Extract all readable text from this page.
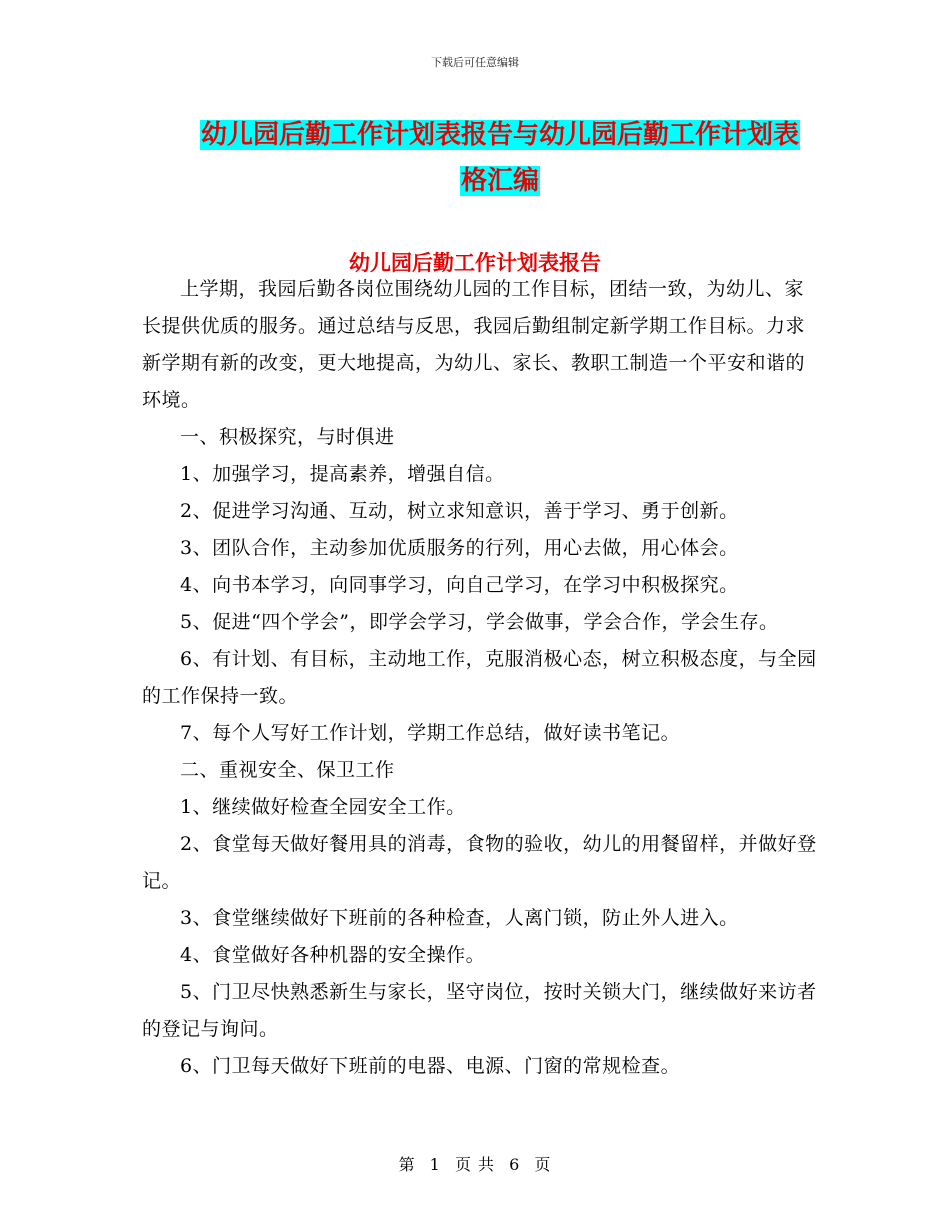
下载后可任意编辑
幼儿园后勤工作计划表报告与幼儿园后勤工作计划表
格汇编
幼儿园后勤工作计划表报告

上学期，我园后勤各岗位围绕幼儿园的工作目标，团结一致，为幼儿、家长提供优质的服务。通过总结与反思，我园后勤组制定新学期工作目标。力求新学期有新的改变，更大地提高，为幼儿、家长、教职工制造一个平安和谐的环境。

一、积极探究，与时俱进

1、加强学习，提高素养，增强自信。

2、促进学习沟通、互动，树立求知意识，善于学习、勇于创新。

3、团队合作，主动参加优质服务的行列，用心去做，用心体会。

4、向书本学习，向同事学习，向自己学习，在学习中积极探究。

5、促进“四个学会”，即学会学习，学会做事，学会合作，学会生存。

6、有计划、有目标，主动地工作，克服消极心态，树立积极态度，与全园的工作保持一致。

7、每个人写好工作计划，学期工作总结，做好读书笔记。

二、重视安全、保卫工作

1、继续做好检查全园安全工作。

2、食堂每天做好餐用具的消毒，食物的验收，幼儿的用餐留样，并做好登记。

3、食堂继续做好下班前的各种检查，人离门锁，防止外人进入。

4、食堂做好各种机器的安全操作。

5、门卫尽快熟悉新生与家长，坚守岗位，按时关锁大门，继续做好来访者的登记与询问。

6、门卫每天做好下班前的电器、电源、门窗的常规检查。

第 1 页 共 6 页
